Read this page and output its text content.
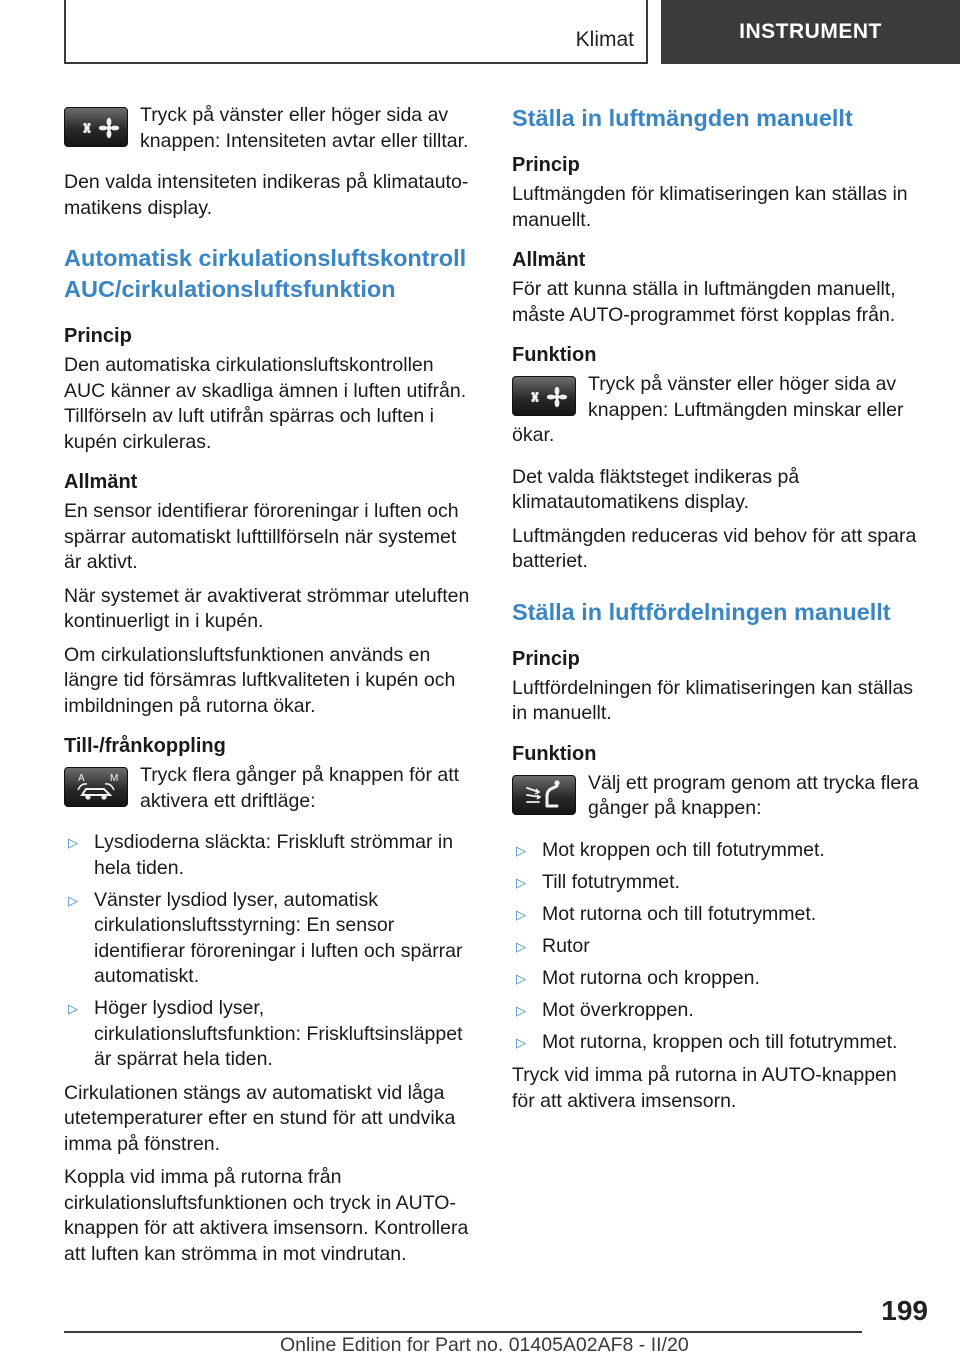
Klimat	INSTRUMENT

Tryck på vänster eller höger sida av knappen: Intensiteten avtar eller tilltar.

Den valda intensiteten indikeras på klimatautomatikens display.

Automatisk cirkulationsluftskontroll AUC/cirkulationsluftsfunktion
Princip

Den automatiska cirkulationsluftskontrollen AUC känner av skadliga ämnen i luften utifrån. Tillförseln av luft utifrån spärras och luften i kupén cirkuleras.

Allmänt

En sensor identifierar föroreningar i luften och spärrar automatiskt lufttillförseln när systemet är aktivt.

När systemet är avaktiverat strömmar uteluften kontinuerligt in i kupén.

Om cirkulationsluftsfunktionen används en längre tid försämras luftkvaliteten i kupén och imbildningen på rutorna ökar.

Till-/frånkoppling
A	M	Tryck flera gånger på knappen för att aktivera ett driftläge:

▷ Lysdioderna släckta: Friskluft strömmar in hela tiden.
▷ Vänster lysdiod lyser, automatisk cirkulationsluftsstyrning: En sensor identifierar föroreningar i luften och spärrar automatiskt.
▷ Höger lysdiod lyser, cirkulationsluftsfunktion: Friskluftsinsläppet är spärrat hela tiden.

Cirkulationen stängs av automatiskt vid låga utetemperaturer efter en stund för att undvika imma på fönstren.

Koppla vid imma på rutorna från cirkulationsluftsfunktionen och tryck in AUTO-knappen för att aktivera imsensorn. Kontrollera att luften kan strömma in mot vindrutan.

Ställa in luftmängden manuellt
Princip

Luftmängden för klimatiseringen kan ställas in manuellt.

Allmänt

För att kunna ställa in luftmängden manuellt, måste AUTO-programmet först kopplas från.

Funktion

Tryck på vänster eller höger sida av knappen: Luftmängden minskar eller ökar.

Det valda fläktsteget indikeras på klimatautomatikens display.

Luftmängden reduceras vid behov för att spara batteriet.

Ställa in luftfördelningen manuellt
Princip

Luftfördelningen för klimatiseringen kan ställas in manuellt.

Funktion

Välj ett program genom att trycka flera gånger på knappen:

▷ Mot kroppen och till fotutrymmet.
▷ Till fotutrymmet.
▷ Mot rutorna och till fotutrymmet.
▷ Rutor
▷ Mot rutorna och kroppen.
▷ Mot överkroppen.
▷ Mot rutorna, kroppen och till fotutrymmet.

Tryck vid imma på rutorna in AUTO-knappen för att aktivera imsensorn.

199
Online Edition for Part no. 01405A02AF8 - II/20
